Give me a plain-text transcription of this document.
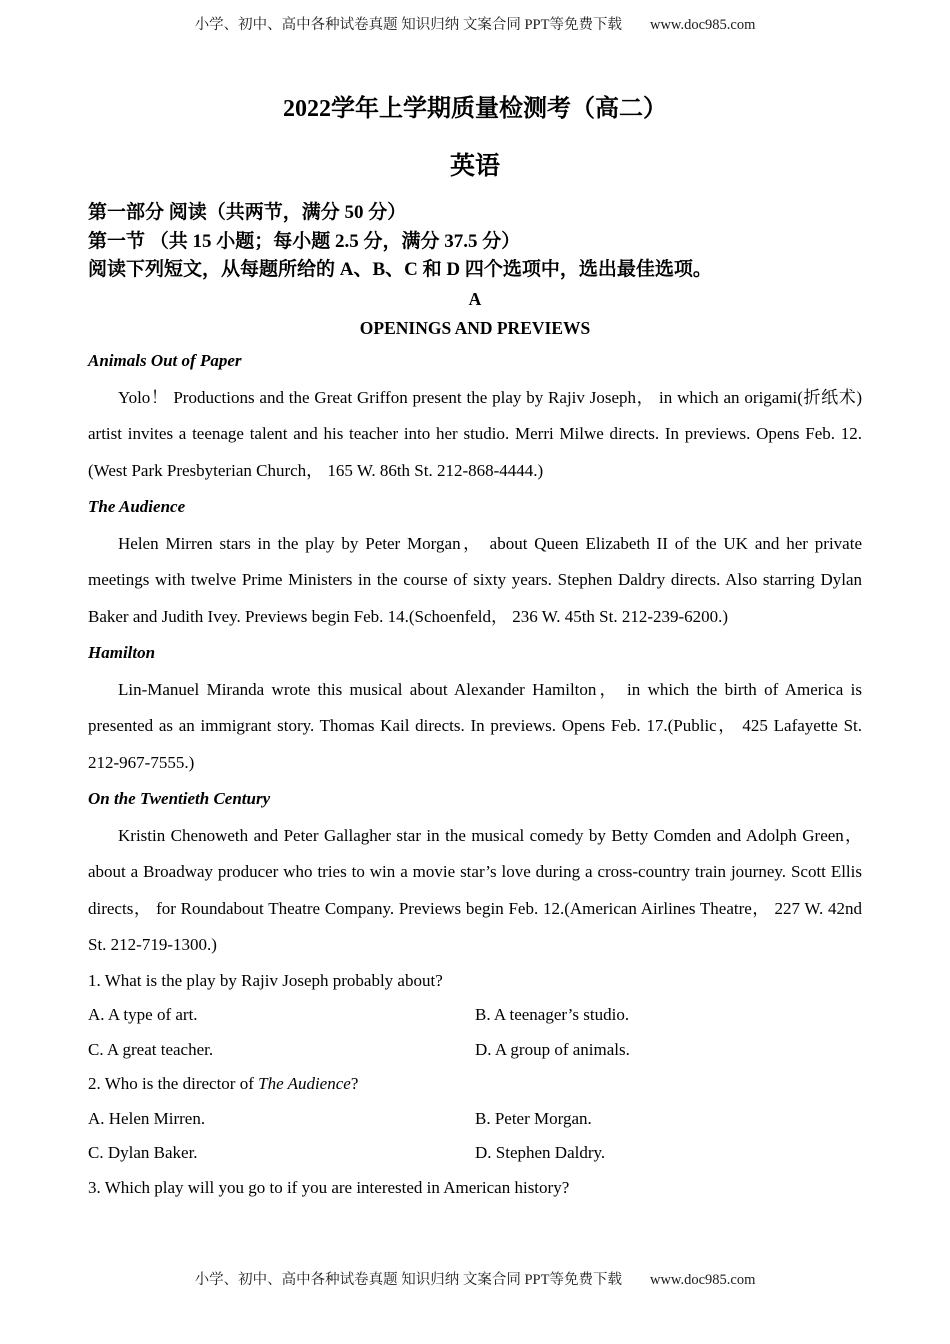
小学、初中、高中各种试卷真题 知识归纳 文案合同 PPT等免费下载 www.doc985.com
2022学年上学期质量检测考（高二）
英语

第一部分 阅读（共两节，满分 50 分）

第一节 （共 15 小题；每小题 2.5 分，满分 37.5 分）

阅读下列短文，从每题所给的 A、B、C 和 D 四个选项中，选出最佳选项。

A

OPENINGS AND PREVIEWS

Animals Out of Paper

Yolo！ Productions and the Great Griffon present the play by Rajiv Joseph， in which an origami(折纸术) artist invites a teenage talent and his teacher into her studio. Merri Milwe directs. In previews. Opens Feb. 12. (West Park Presbyterian Church， 165 W. 86th St. 212-868-4444.)

The Audience

Helen Mirren stars in the play by Peter Morgan， about Queen Elizabeth II of the UK and her private meetings with twelve Prime Ministers in the course of sixty years. Stephen Daldry directs. Also starring Dylan Baker and Judith Ivey. Previews begin Feb. 14.(Schoenfeld， 236 W. 45th St. 212-239-6200.)

Hamilton

Lin-Manuel Miranda wrote this musical about Alexander Hamilton， in which the birth of America is presented as an immigrant story. Thomas Kail directs. In previews. Opens Feb. 17.(Public， 425 Lafayette St. 212-967-7555.)

On the Twentieth Century

Kristin Chenoweth and Peter Gallagher star in the musical comedy by Betty Comden and Adolph Green， about a Broadway producer who tries to win a movie star’s love during a cross-country train journey. Scott Ellis directs， for Roundabout Theatre Company. Previews begin Feb. 12.(American Airlines Theatre， 227 W. 42nd St. 212-719-1300.)

1. What is the play by Rajiv Joseph probably about?

A. A type of art.	B. A teenager’s studio.
C. A great teacher.	D. A group of animals.

2. Who is the director of The Audience?

A. Helen Mirren.	B. Peter Morgan.
C. Dylan Baker.	D. Stephen Daldry.

3. Which play will you go to if you are interested in American history?

小学、初中、高中各种试卷真题 知识归纳 文案合同 PPT等免费下载 www.doc985.com
